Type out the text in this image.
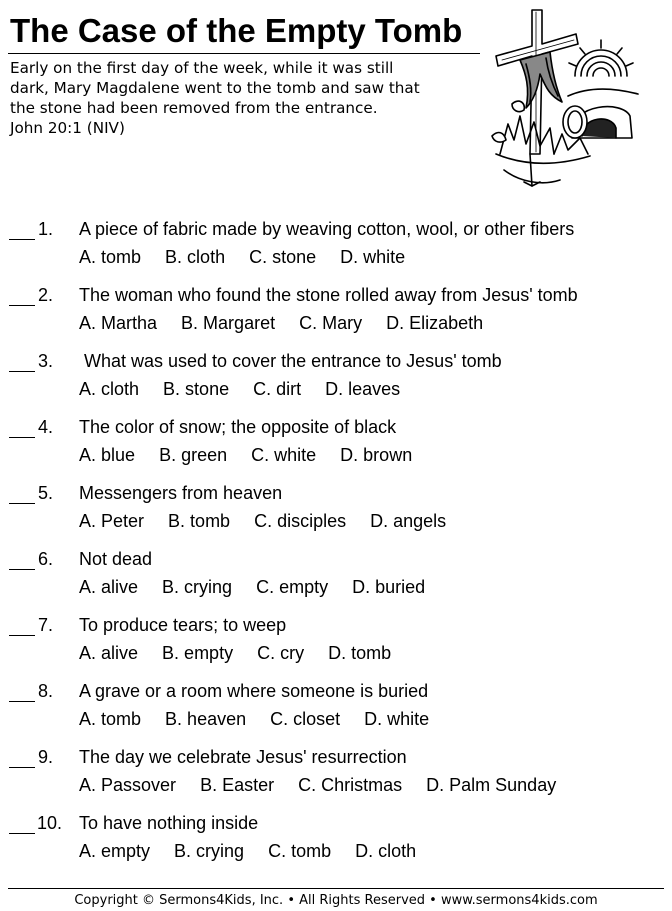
The Case of the Empty Tomb
Early on the first day of the week, while it was still
dark, Mary Magdalene went to the tomb and saw that
the stone had been removed from the entrance.
John 20:1 (NIV)
1. A piece of fabric made by weaving cotton, wool, or other fibers
A. tomb B. cloth C. stone D. white
2. The woman who found the stone rolled away from Jesus' tomb
A. Martha B. Margaret C. Mary D. Elizabeth
3. What was used to cover the entrance to Jesus' tomb
A. cloth B. stone C. dirt D. leaves
4. The color of snow; the opposite of black
A. blue B. green C. white D. brown
5. Messengers from heaven
A. Peter B. tomb C. disciples D. angels
6. Not dead
A. alive B. crying C. empty D. buried
7. To produce tears; to weep
A. alive B. empty C. cry D. tomb
8. A grave or a room where someone is buried
A. tomb B. heaven C. closet D. white
9. The day we celebrate Jesus' resurrection
A. Passover B. Easter C. Christmas D. Palm Sunday
10. To have nothing inside
A. empty B. crying C. tomb D. cloth
Copyright © Sermons4Kids, Inc. • All Rights Reserved • www.sermons4kids.com
